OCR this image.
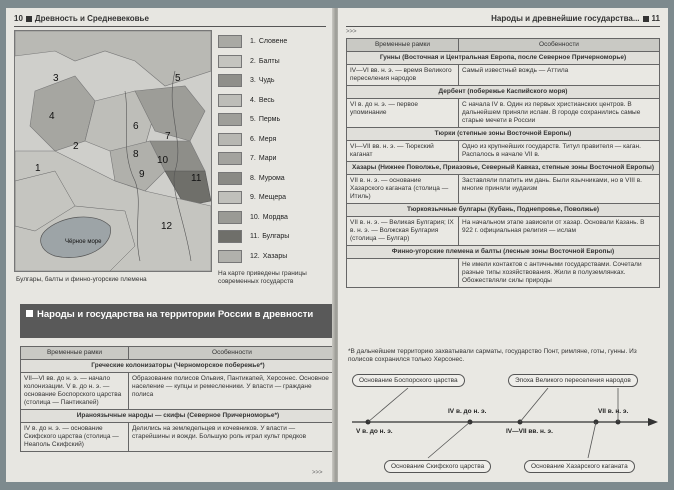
10 Древность и Средневековье
3
4
5
2
1
6
7
8
9
10
11
12
Чёрное море
1. Словене
2. Балты
3. Чудь
4. Весь
5. Пермь
6. Меря
7. Мари
8. Мурома
9. Мещера
10. Мордва
11. Булгары
12. Хазары
На карте приведены границы современных государств
Булгары, балты и финно-угорские племена
Народы и государства на территории России в древности
Временные рамки	Особенности
Греческие колонизаторы (Черноморское побережье*)	
VII—VI вв. до н. э. — начало колонизации. V в. до н. э. — основание Боспорского царства (столица — Пантикапей)	Образование полисов Ольвия, Пантикапей, Херсонес. Основное население — купцы и ремесленники. У власти — граждане полиса
Ираноязычные народы — скифы (Северное Причерноморье*)	
IV в. до н. э. — основание Скифского царства (столица — Неаполь Скифский)	Делились на земледельцев и кочевников. У власти — старейшины и вожди. Большую роль играл культ предков
>>>
Народы и древнейшие государства... 11
>>>
Временные рамки	Особенности
Гунны (Восточная и Центральная Европа, после Северное Причерноморье)	
IV—VI вв. н. э. — время Великого переселения народов	Самый известный вождь — Аттила
Дербент (побережье Каспийского моря)	
VI в. до н. э. — первое упоминание	С начала IV в. Один из первых христианских центров. В дальнейшем приняли ислам. В городе сохранились самые старые мечети в России
Тюрки (степные зоны Восточной Европы)	
VI—VII вв. н. э. — Тюркский каганат	Одно из крупнейших государств. Титул правителя — каган. Распалось в начале VII в.
Хазары (Нижнее Поволжье, Приазовье, Северный Кавказ, степные зоны Восточной Европы)	
VII в. н. э. — основание Хазарского каганата (столица — Итиль)	Заставляли платить им дань. Были язычниками, но в VIII в. многие приняли иудаизм
Тюркоязычные булгары (Кубань, Поднепровье, Поволжье)	
VII в. н. э. — Великая Булгария; IX в. н. э. — Волжская Булгария (столица — Булгар)	На начальном этапе зависели от хазар. Основали Казань. В 922 г. официальная религия — ислам
Финно-угорские племена и балты (лесные зоны Восточной Европы)	
	Не имели контактов с античными государствами. Сочетали разные типы хозяйствования. Жили в полуземлянках. Обожествляли силы природы
*В дальнейшем территорию захватывали сарматы, государство Понт, римляне, готы, гунны. Из полисов сохранился только Херсонес.
Основание Боспорского царства	Эпоха Великого переселения народов
V в. до н. э.
IV в. до н. э.
IV—VII вв. н. э.
VII в. н. э.
Основание Скифского царства	Основание Хазарского каганата
